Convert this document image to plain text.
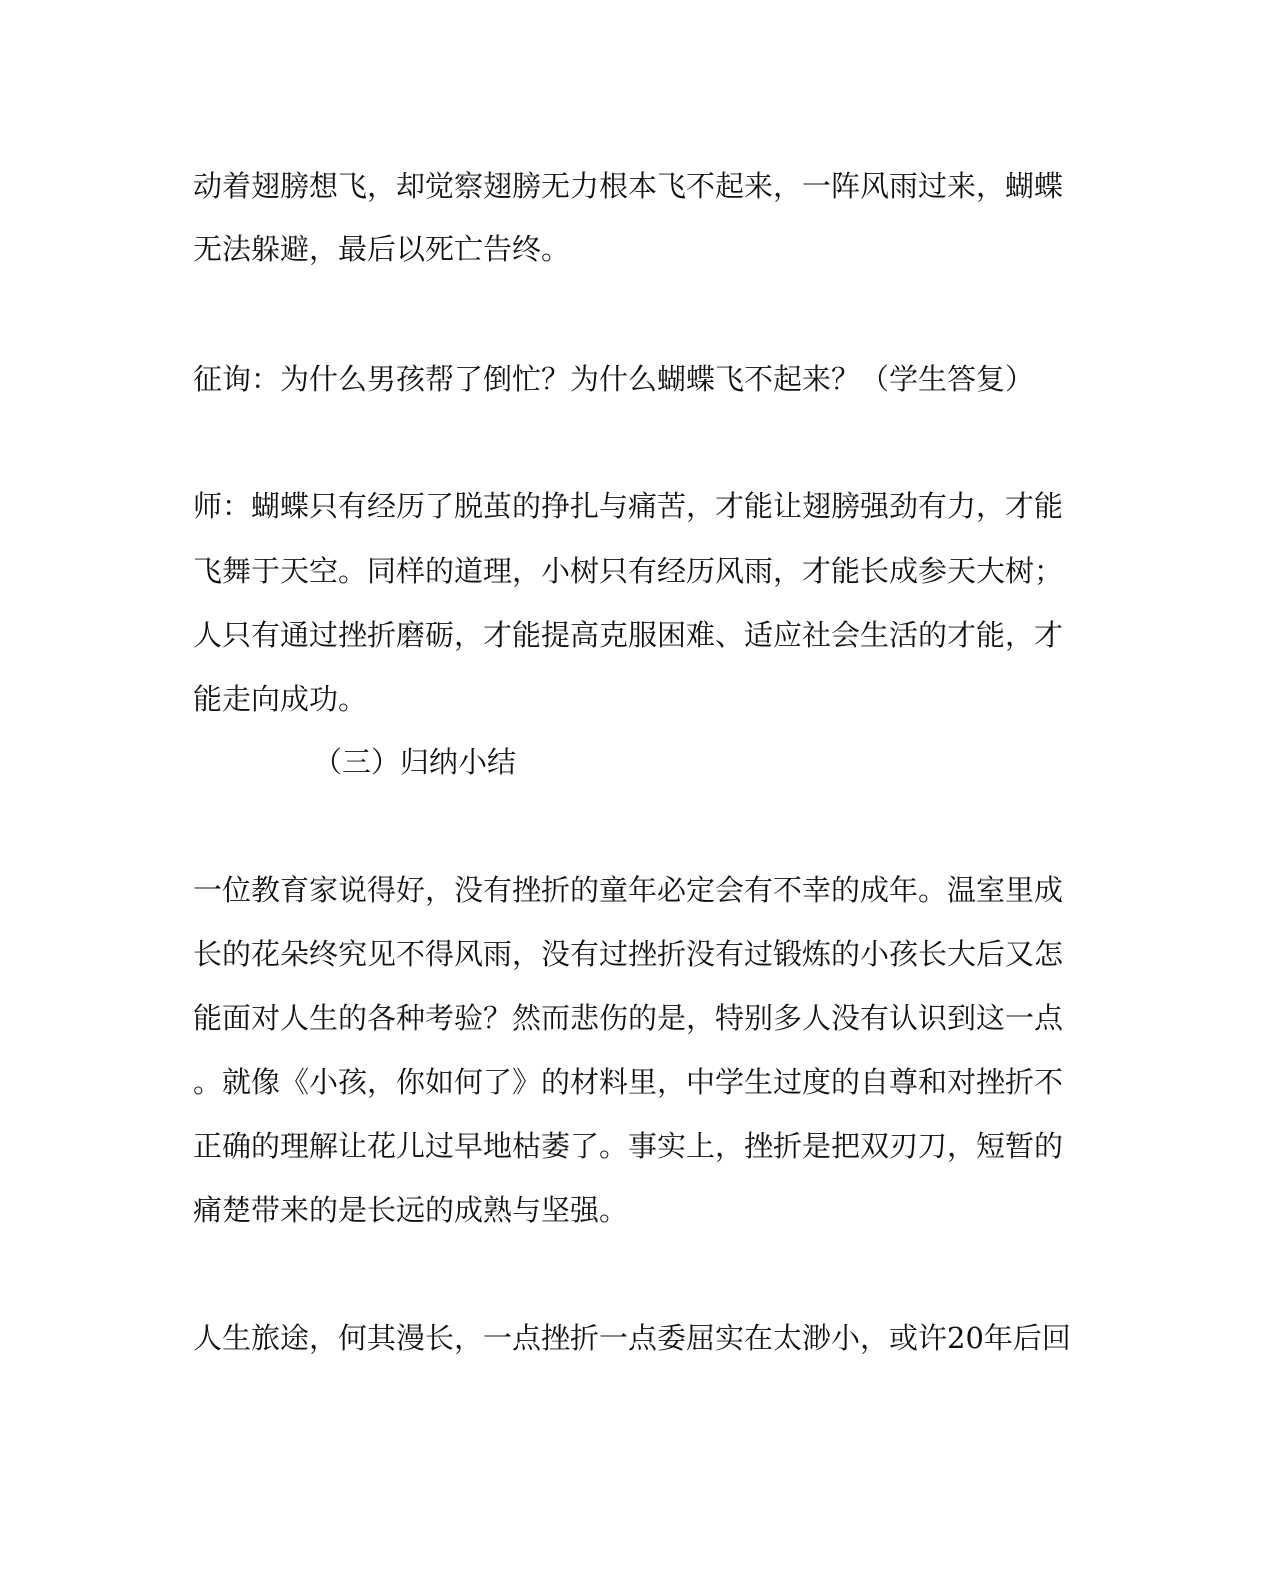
动着翅膀想飞，却觉察翅膀无力根本飞不起来，一阵风雨过来，蝴蝶
无法躲避，最后以死亡告终。
征询：为什么男孩帮了倒忙？为什么蝴蝶飞不起来？（学生答复）
师：蝴蝶只有经历了脱茧的挣扎与痛苦，才能让翅膀强劲有力，才能
飞舞于天空。同样的道理，小树只有经历风雨，才能长成参天大树；
人只有通过挫折磨砺，才能提高克服困难、适应社会生活的才能，才
能走向成功。
（三）归纳小结
一位教育家说得好，没有挫折的童年必定会有不幸的成年。温室里成
长的花朵终究见不得风雨，没有过挫折没有过锻炼的小孩长大后又怎
能面对人生的各种考验？然而悲伤的是，特别多人没有认识到这一点
。就像《小孩，你如何了》的材料里，中学生过度的自尊和对挫折不
正确的理解让花儿过早地枯萎了。事实上，挫折是把双刃刀，短暂的
痛楚带来的是长远的成熟与坚强。
人生旅途，何其漫长，一点挫折一点委屈实在太渺小，或许20年后回
